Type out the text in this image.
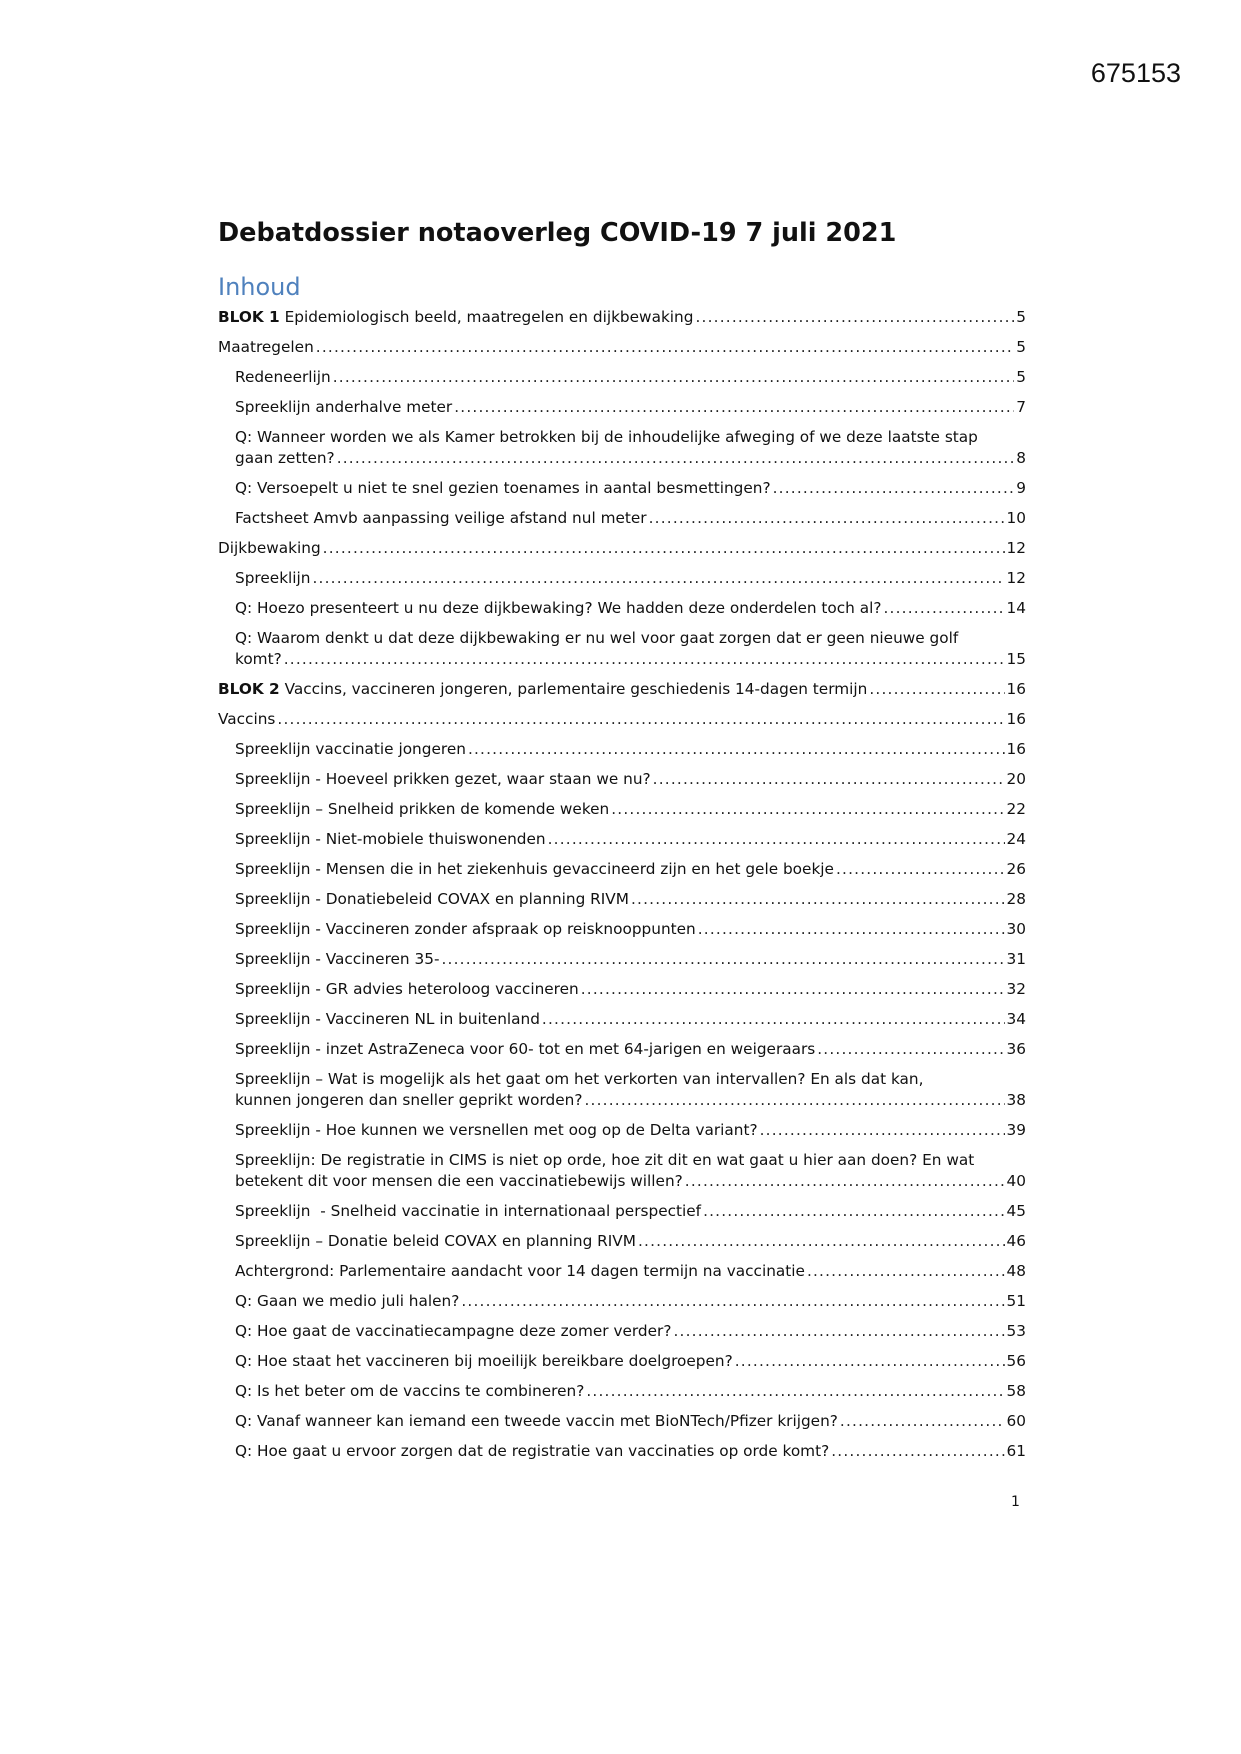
675153
Debatdossier notaoverleg COVID-19 7 juli 2021
Inhoud
BLOK 1 Epidemiologisch beeld, maatregelen en dijkbewaking .....	5
Maatregelen .....	5
Redeneerlijn .....	5
Spreeklijn anderhalve meter .....	7
Q: Wanneer worden we als Kamer betrokken bij de inhoudelijke afweging of we deze laatste stap
gaan zetten? .....	8
Q: Versoepelt u niet te snel gezien toenames in aantal besmettingen? .....	9
Factsheet Amvb aanpassing veilige afstand nul meter .....	10
Dijkbewaking .....	12
Spreeklijn .....	12
Q: Hoezo presenteert u nu deze dijkbewaking? We hadden deze onderdelen toch al? .....	14
Q: Waarom denkt u dat deze dijkbewaking er nu wel voor gaat zorgen dat er geen nieuwe golf
komt? .....	15
BLOK 2 Vaccins, vaccineren jongeren, parlementaire geschiedenis 14-dagen termijn .....	16
Vaccins .....	16
Spreeklijn vaccinatie jongeren .....	16
Spreeklijn - Hoeveel prikken gezet, waar staan we nu? .....	20
Spreeklijn – Snelheid prikken de komende weken .....	22
Spreeklijn - Niet-mobiele thuiswonenden .....	24
Spreeklijn - Mensen die in het ziekenhuis gevaccineerd zijn en het gele boekje .....	26
Spreeklijn - Donatiebeleid COVAX en planning RIVM .....	28
Spreeklijn - Vaccineren zonder afspraak op reisknooppunten .....	30
Spreeklijn - Vaccineren 35- .....	31
Spreeklijn - GR advies heteroloog vaccineren .....	32
Spreeklijn - Vaccineren NL in buitenland .....	34
Spreeklijn - inzet AstraZeneca voor 60- tot en met 64-jarigen en weigeraars .....	36
Spreeklijn – Wat is mogelijk als het gaat om het verkorten van intervallen? En als dat kan,
kunnen jongeren dan sneller geprikt worden? .....	38
Spreeklijn - Hoe kunnen we versnellen met oog op de Delta variant? .....	39
Spreeklijn: De registratie in CIMS is niet op orde, hoe zit dit en wat gaat u hier aan doen? En wat
betekent dit voor mensen die een vaccinatiebewijs willen? .....	40
Spreeklijn  - Snelheid vaccinatie in internationaal perspectief .....	45
Spreeklijn – Donatie beleid COVAX en planning RIVM .....	46
Achtergrond: Parlementaire aandacht voor 14 dagen termijn na vaccinatie .....	48
Q: Gaan we medio juli halen? .....	51
Q: Hoe gaat de vaccinatiecampagne deze zomer verder? .....	53
Q: Hoe staat het vaccineren bij moeilijk bereikbare doelgroepen? .....	56
Q: Is het beter om de vaccins te combineren? .....	58
Q: Vanaf wanneer kan iemand een tweede vaccin met BioNTech/Pfizer krijgen? .....	60
Q: Hoe gaat u ervoor zorgen dat de registratie van vaccinaties op orde komt? .....	61
1
